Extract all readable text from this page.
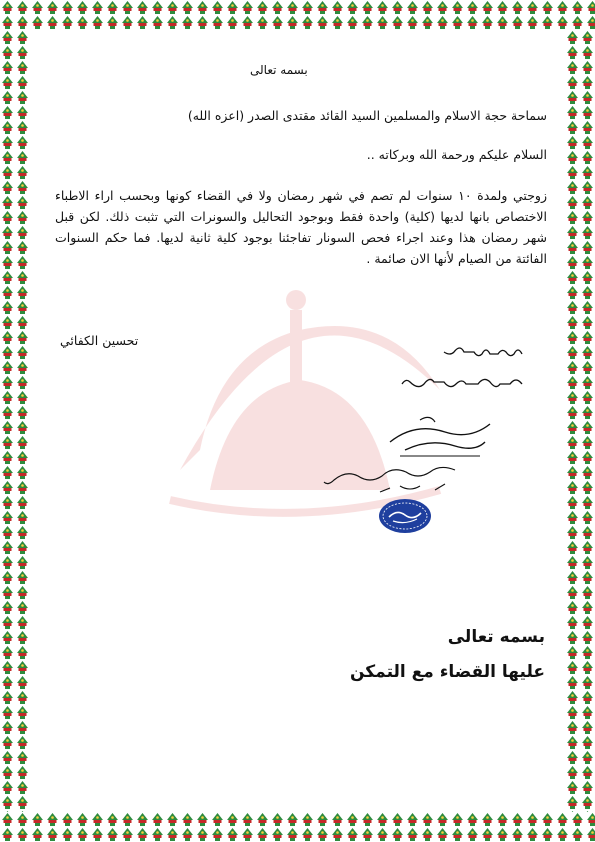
بسمه تعالى
سماحة حجة الاسلام والمسلمين السيد القائد مقتدى الصدر (اعزه الله)
السلام عليكم ورحمة الله وبركاته ..
زوجتي ولمدة ١٠ سنوات لم تصم في شهر رمضان ولا في القضاء كونها وبحسب اراء الاطباء الاختصاص بانها لديها (كلية) واحدة فقط وبوجود التحاليل والسونرات التي تثبت ذلك. لكن قبل شهر رمضان هذا وعند اجراء فحص السونار تفاجئنا بوجود كلية ثانية لديها. فما حكم السنوات الفائتة من الصيام لأنها الان صائمة .
تحسين الكفائي
بسمه تعالى
عليها القضاء مع التمكن
